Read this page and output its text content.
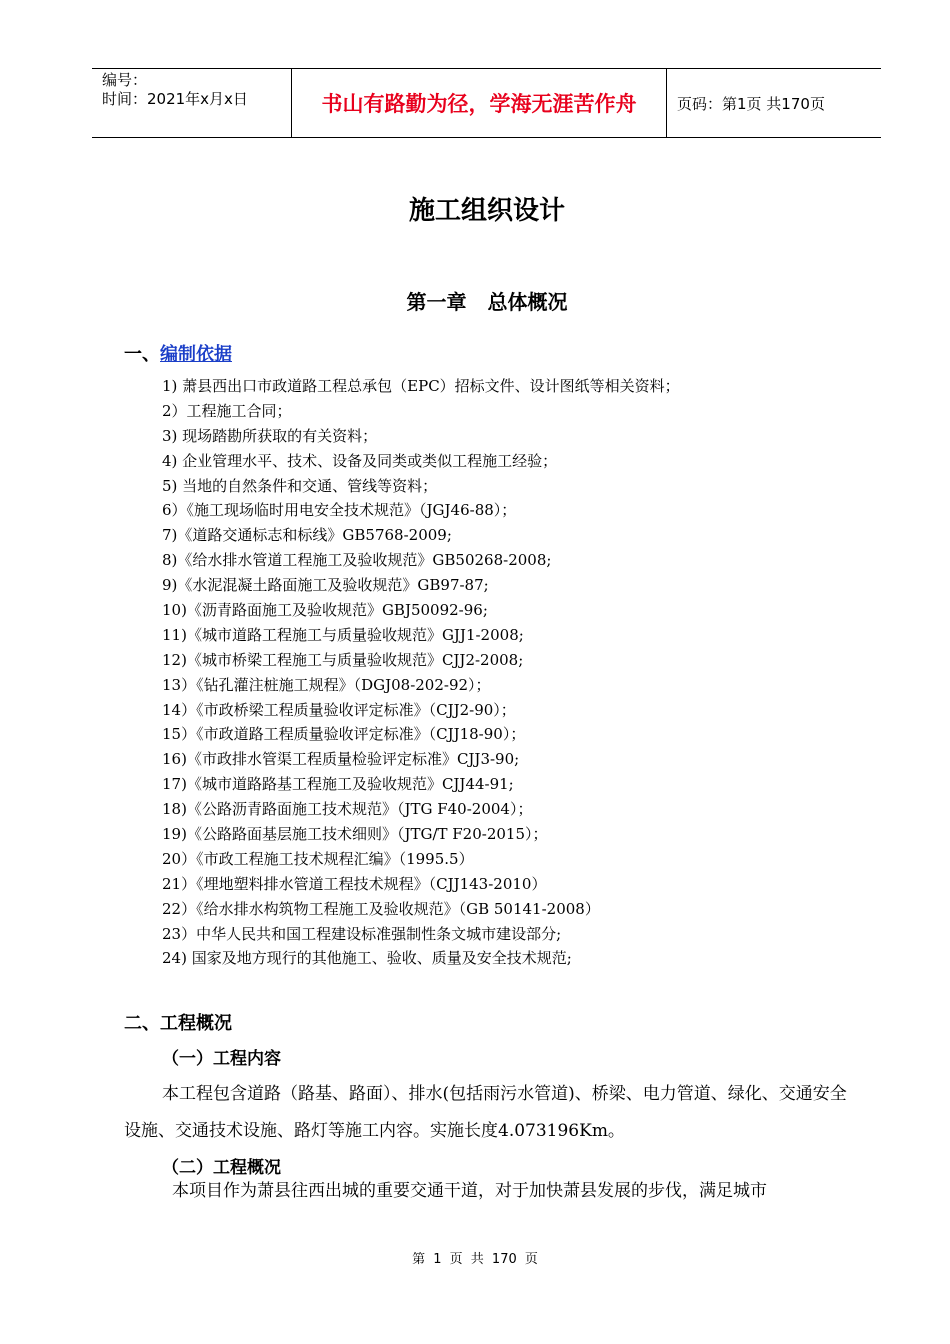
编号：
时间：2021年x月x日	书山有路勤为径，学海无涯苦作舟	页码：第1页 共170页
施工组织设计
第一章 总体概况
一、编制依据
1) 萧县西出口市政道路工程总承包（EPC）招标文件、设计图纸等相关资料；
2）工程施工合同；
3) 现场踏勘所获取的有关资料；
4) 企业管理水平、技术、设备及同类或类似工程施工经验；
5) 当地的自然条件和交通、管线等资料；
6）《施工现场临时用电安全技术规范》（JGJ46-88）；
7)《道路交通标志和标线》GB5768-2009;
8)《给水排水管道工程施工及验收规范》GB50268-2008;
9)《水泥混凝土路面施工及验收规范》GB97-87;
10)《沥青路面施工及验收规范》GBJ50092-96;
11)《城市道路工程施工与质量验收规范》GJJ1-2008;
12)《城市桥梁工程施工与质量验收规范》CJJ2-2008;
13）《钻孔灌注桩施工规程》（DGJ08-202-92）；
14）《市政桥梁工程质量验收评定标准》（CJJ2-90）；
15）《市政道路工程质量验收评定标准》（CJJ18-90）；
16)《市政排水管渠工程质量检验评定标准》CJJ3-90;
17)《城市道路路基工程施工及验收规范》CJJ44-91;
18)《公路沥青路面施工技术规范》（JTG F40-2004）；
19)《公路路面基层施工技术细则》（JTG/T F20-2015）；
20）《市政工程施工技术规程汇编》（1995.5）
21）《埋地塑料排水管道工程技术规程》（CJJ143-2010）
22）《给水排水构筑物工程施工及验收规范》（GB 50141-2008）
23）中华人民共和国工程建设标准强制性条文城市建设部分;
24) 国家及地方现行的其他施工、验收、质量及安全技术规范;
二、工程概况
（一）工程内容

本工程包含道路（路基、路面）、排水(包括雨污水管道)、桥梁、电力管道、绿化、交通安全设施、交通技术设施、路灯等施工内容。实施长度4.073196Km。

（二）工程概况

本项目作为萧县往西出城的重要交通干道，对于加快萧县发展的步伐，满足城市

第 1 页 共 170 页
